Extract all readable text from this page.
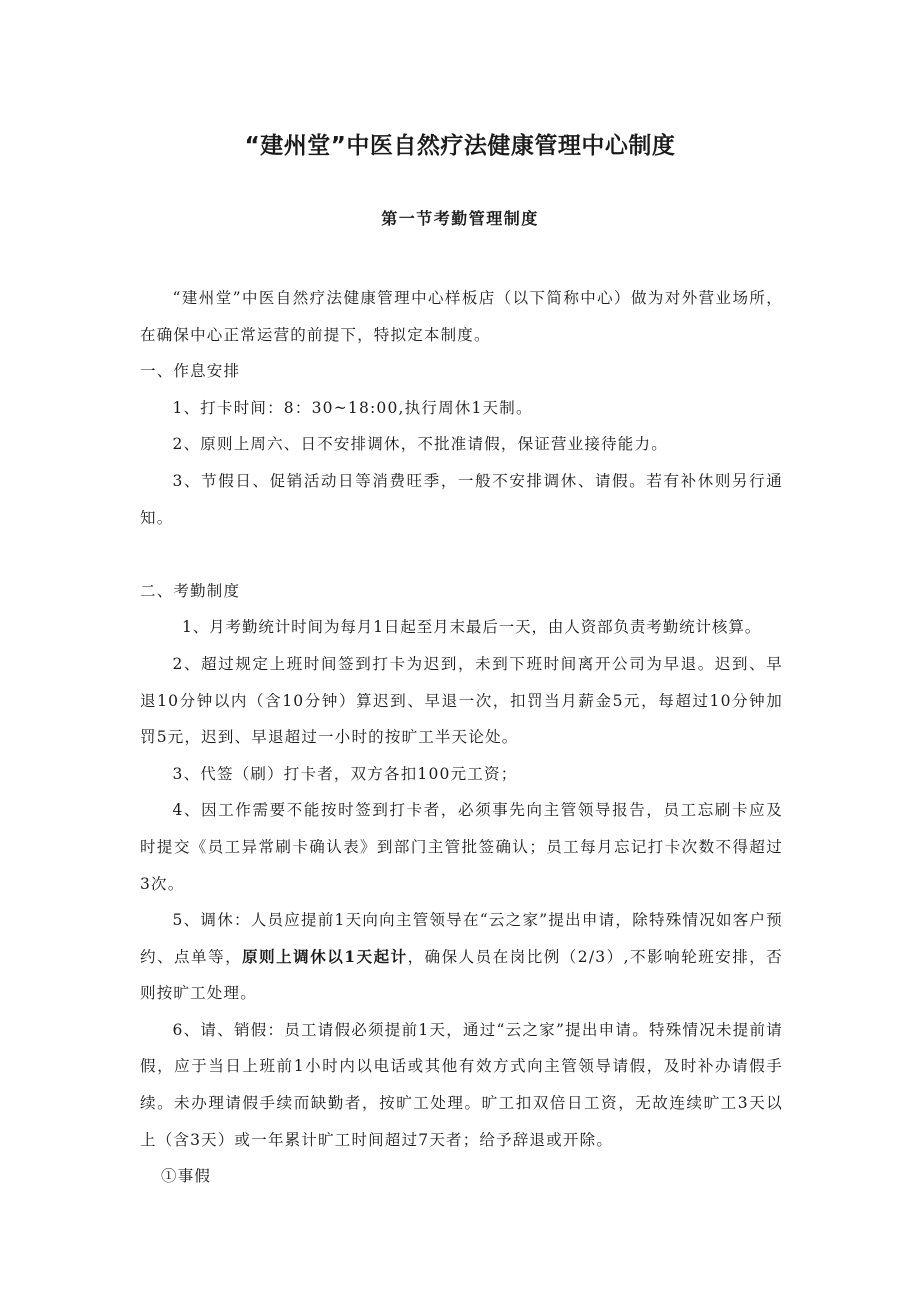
“建州堂”中医自然疗法健康管理中心制度
第一节考勤管理制度

“建州堂”中医自然疗法健康管理中心样板店（以下简称中心）做为对外营业场所，在确保中心正常运营的前提下，特拟定本制度。

一、作息安排

1、打卡时间：8：30~18:00,执行周休1天制。

2、原则上周六、日不安排调休，不批准请假，保证营业接待能力。

3、节假日、促销活动日等消费旺季，一般不安排调休、请假。若有补休则另行通知。

二、考勤制度

1、月考勤统计时间为每月1日起至月末最后一天，由人资部负责考勤统计核算。

2、超过规定上班时间签到打卡为迟到，未到下班时间离开公司为早退。迟到、早退10分钟以内（含10分钟）算迟到、早退一次，扣罚当月薪金5元，每超过10分钟加罚5元，迟到、早退超过一小时的按旷工半天论处。

3、代签（刷）打卡者，双方各扣100元工资；

4、因工作需要不能按时签到打卡者，必须事先向主管领导报告，员工忘刷卡应及时提交《员工异常刷卡确认表》到部门主管批签确认；员工每月忘记打卡次数不得超过3次。

5、调休：人员应提前1天向向主管领导在“云之家”提出申请，除特殊情况如客户预约、点单等，原则上调休以1天起计，确保人员在岗比例（2/3）,不影响轮班安排，否则按旷工处理。

6、请、销假：员工请假必须提前1天，通过“云之家”提出申请。特殊情况未提前请假，应于当日上班前1小时内以电话或其他有效方式向主管领导请假，及时补办请假手续。未办理请假手续而缺勤者，按旷工处理。旷工扣双倍日工资，无故连续旷工3天以上（含3天）或一年累计旷工时间超过7天者；给予辞退或开除。

①事假
